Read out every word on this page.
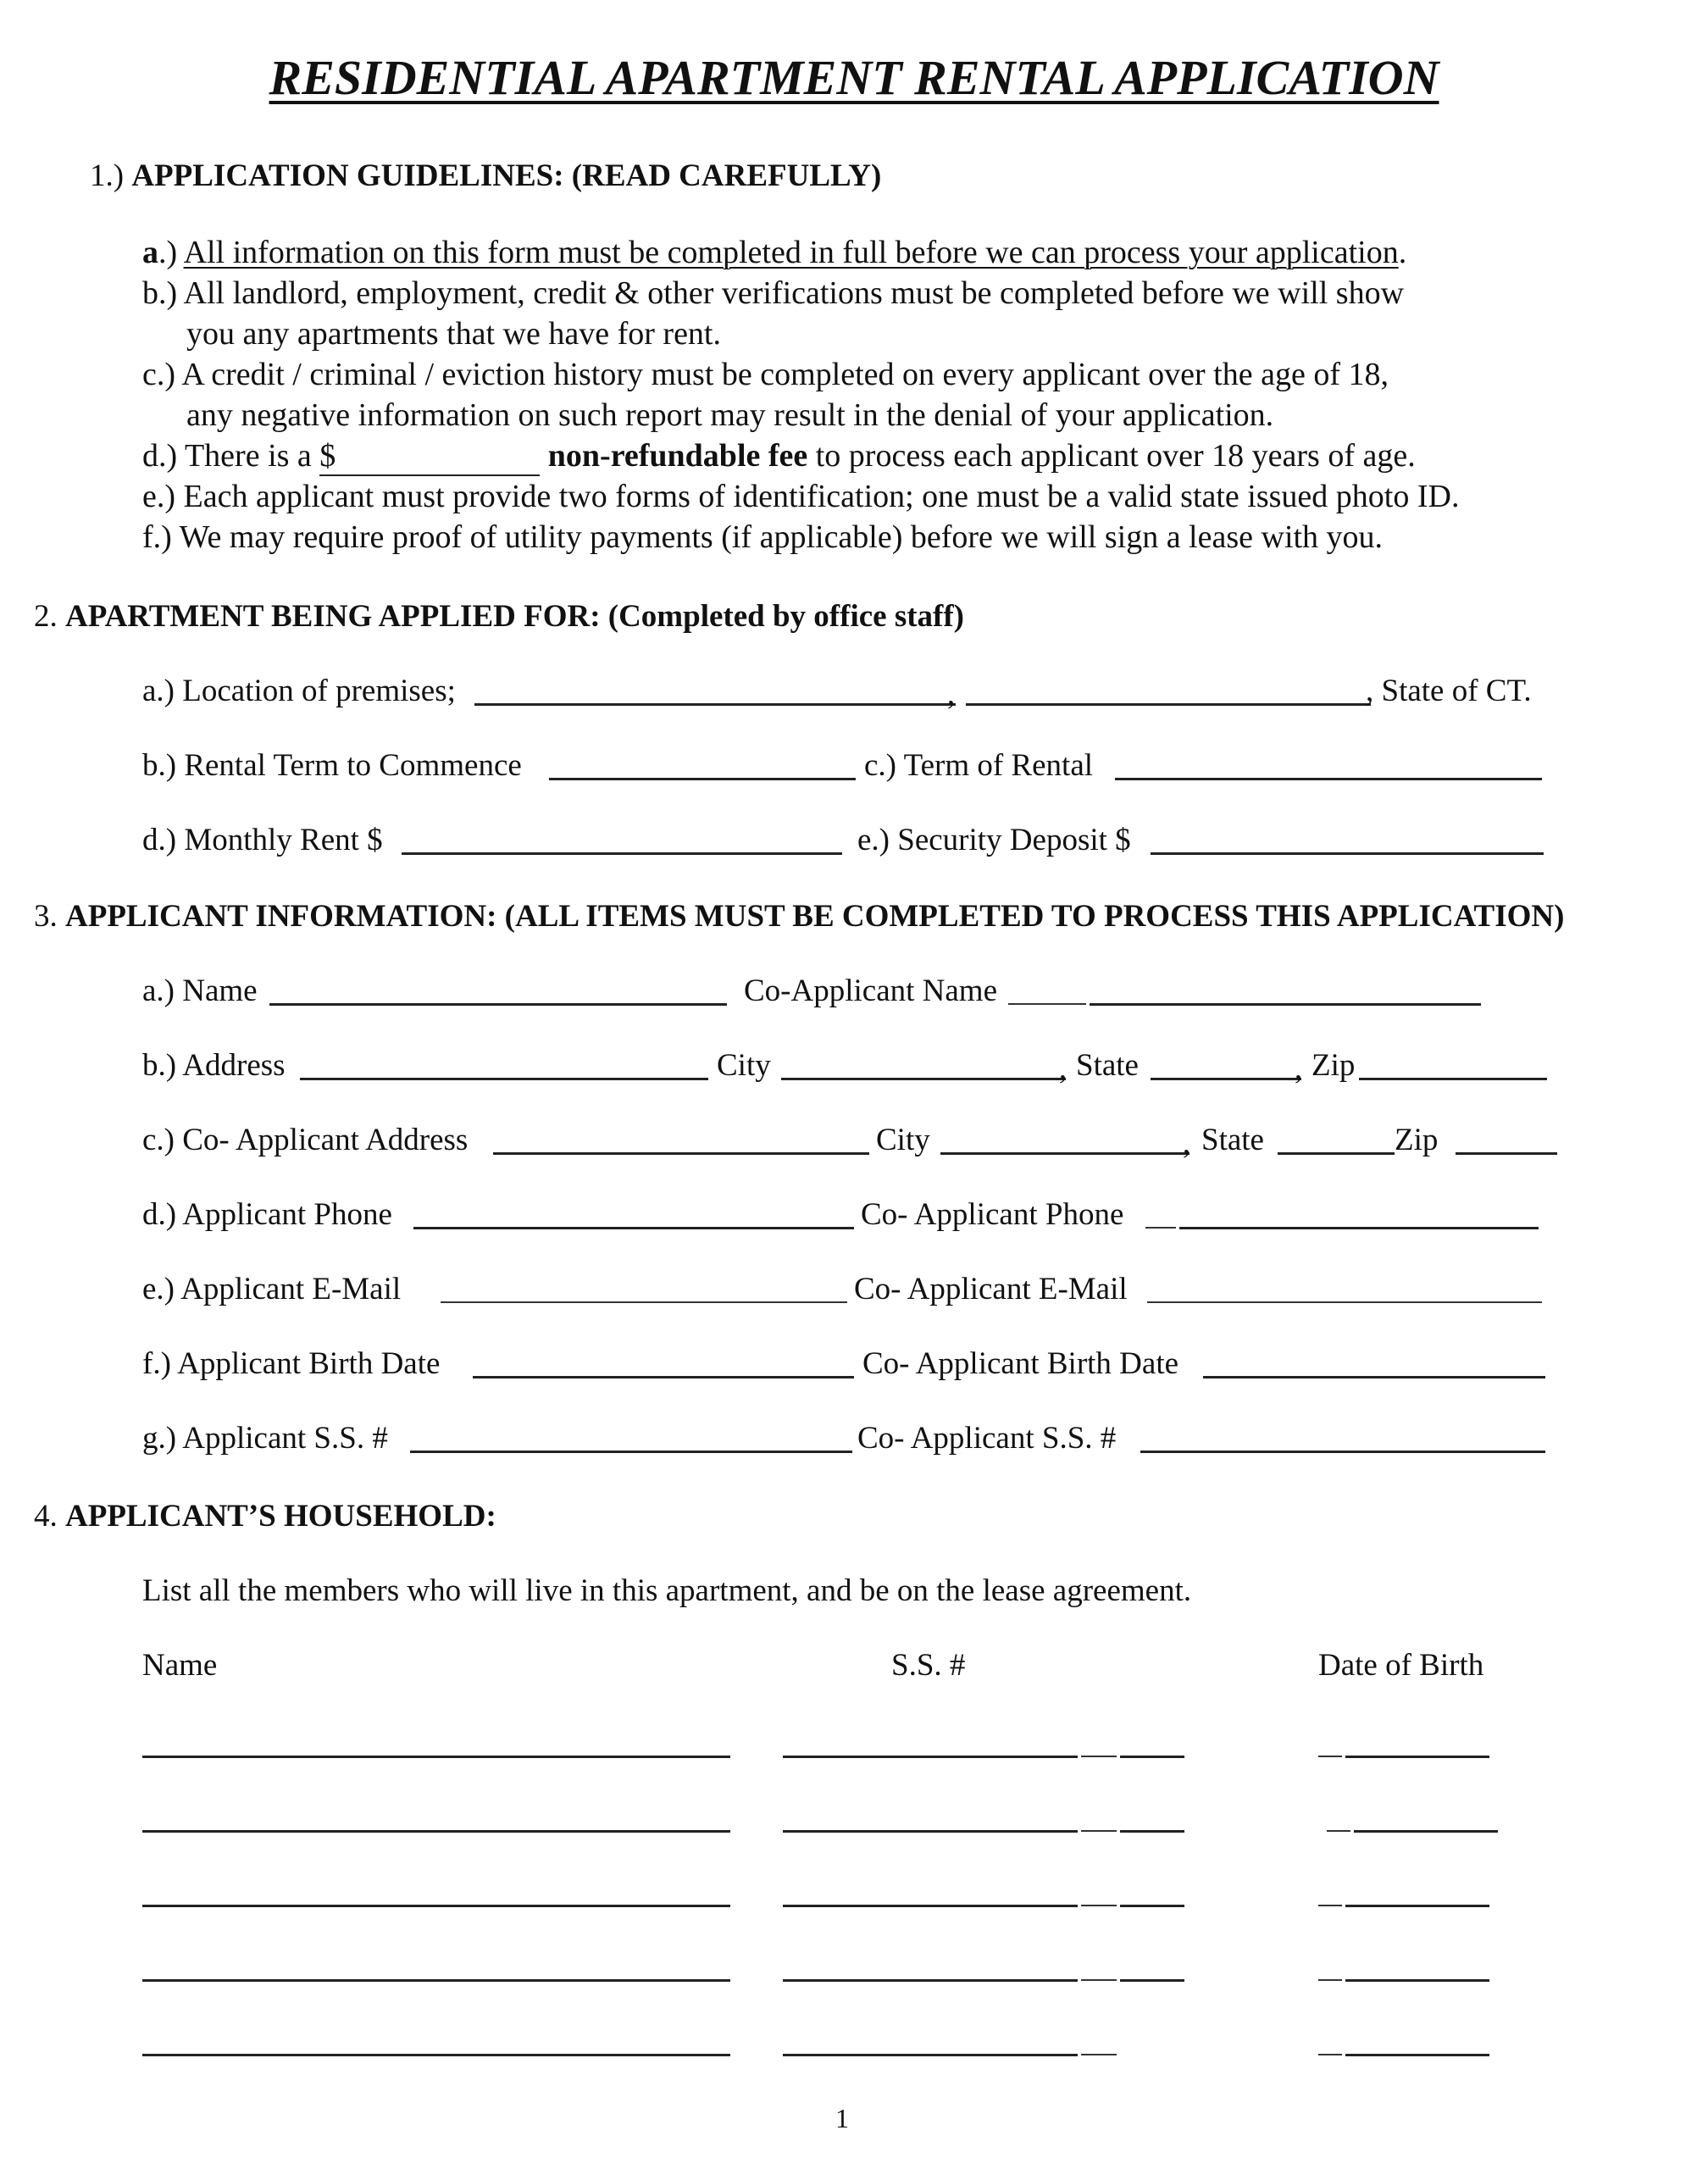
RESIDENTIAL APARTMENT RENTAL APPLICATION
1.) APPLICATION GUIDELINES: (READ CAREFULLY)
a.) All information on this form must be completed in full before we can process your application.
b.) All landlord, employment, credit & other verifications must be completed before we will show
you any apartments that we have for rent.
c.) A credit / criminal / eviction history must be completed on every applicant over the age of 18,
any negative information on such report may result in the denial of your application.
d.) There is a $	non-refundable fee to process each applicant over 18 years of age.
e.) Each applicant must provide two forms of identification; one must be a valid state issued photo ID.
f.) We may require proof of utility payments (if applicable) before we will sign a lease with you.
2. APARTMENT BEING APPLIED FOR: (Completed by office staff)
a.) Location of premises;	,	, State of CT.
b.) Rental Term to Commence	c.) Term of Rental
d.) Monthly Rent $	e.) Security Deposit $
3. APPLICANT INFORMATION: (ALL ITEMS MUST BE COMPLETED TO PROCESS THIS APPLICATION)
a.) Name	Co-Applicant Name
b.) Address	City	, State	, Zip
c.) Co- Applicant Address	City	, State	Zip
d.) Applicant Phone	Co- Applicant Phone
e.) Applicant E-Mail	Co- Applicant E-Mail
f.) Applicant Birth Date	Co- Applicant Birth Date
g.) Applicant S.S. #	Co- Applicant S.S. #
4. APPLICANT’S HOUSEHOLD:
List all the members who will live in this apartment, and be on the lease agreement.
Name	S.S. #	Date of Birth
1
